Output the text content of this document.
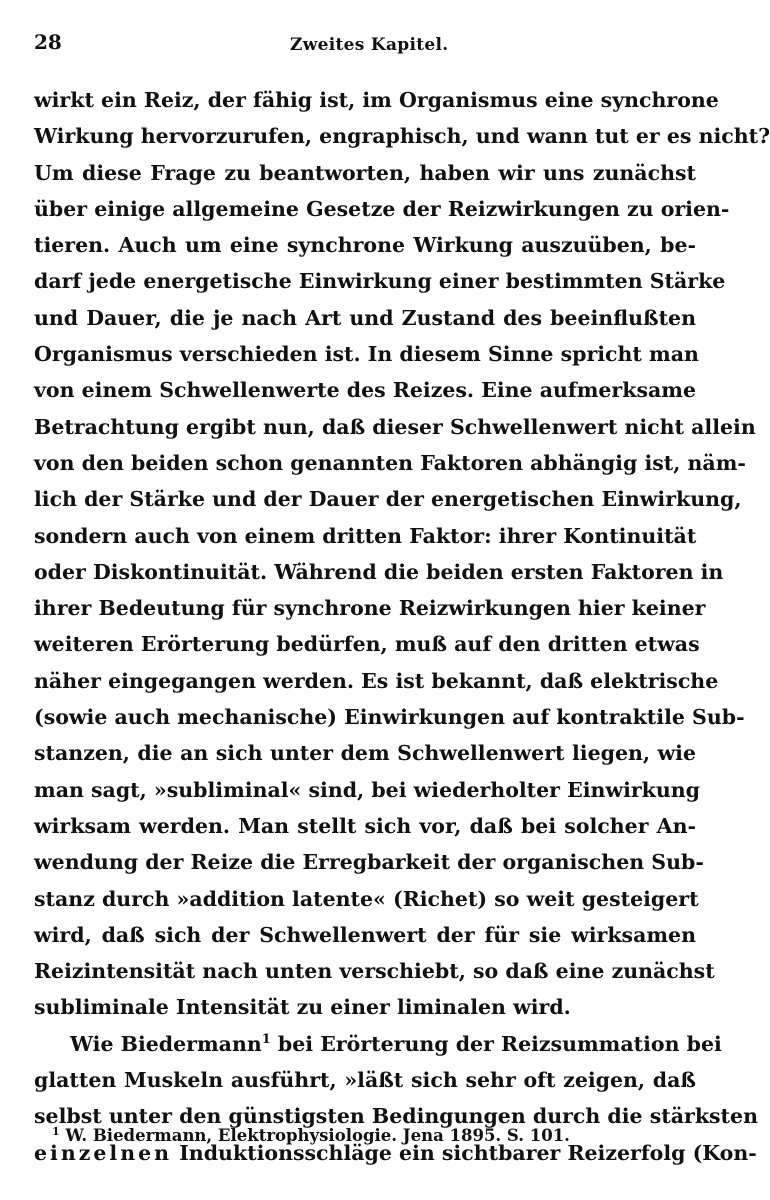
28	Zweites Kapitel.
wirkt ein Reiz, der fähig ist, im Organismus eine synchrone
Wirkung hervorzurufen, engraphisch, und wann tut er es nicht?
Um diese Frage zu beantworten, haben wir uns zunächst
über einige allgemeine Gesetze der Reizwirkungen zu orien-
tieren. Auch um eine synchrone Wirkung auszuüben, be-
darf jede energetische Einwirkung einer bestimmten Stärke
und Dauer, die je nach Art und Zustand des beeinflußten
Organismus verschieden ist. In diesem Sinne spricht man
von einem Schwellenwerte des Reizes. Eine aufmerksame
Betrachtung ergibt nun, daß dieser Schwellenwert nicht allein
von den beiden schon genannten Faktoren abhängig ist, näm-
lich der Stärke und der Dauer der energetischen Einwirkung,
sondern auch von einem dritten Faktor: ihrer Kontinuität
oder Diskontinuität. Während die beiden ersten Faktoren in
ihrer Bedeutung für synchrone Reizwirkungen hier keiner
weiteren Erörterung bedürfen, muß auf den dritten etwas
näher eingegangen werden. Es ist bekannt, daß elektrische
(sowie auch mechanische) Einwirkungen auf kontraktile Sub-
stanzen, die an sich unter dem Schwellenwert liegen, wie
man sagt, »subliminal« sind, bei wiederholter Einwirkung
wirksam werden. Man stellt sich vor, daß bei solcher An-
wendung der Reize die Erregbarkeit der organischen Sub-
stanz durch »addition latente« (Richet) so weit gesteigert
wird, daß sich der Schwellenwert der für sie wirksamen
Reizintensität nach unten verschiebt, so daß eine zunächst
subliminale Intensität zu einer liminalen wird.
Wie Biedermann$^1$ bei Erörterung der Reizsummation bei
glatten Muskeln ausführt, »läßt sich sehr oft zeigen, daß
selbst unter den günstigsten Bedingungen durch die stärksten
einzelnen Induktionsschläge ein sichtbarer Reizerfolg (Kon-
$^1$ W. Biedermann, Elektrophysiologie. Jena 1895. S. 101.
